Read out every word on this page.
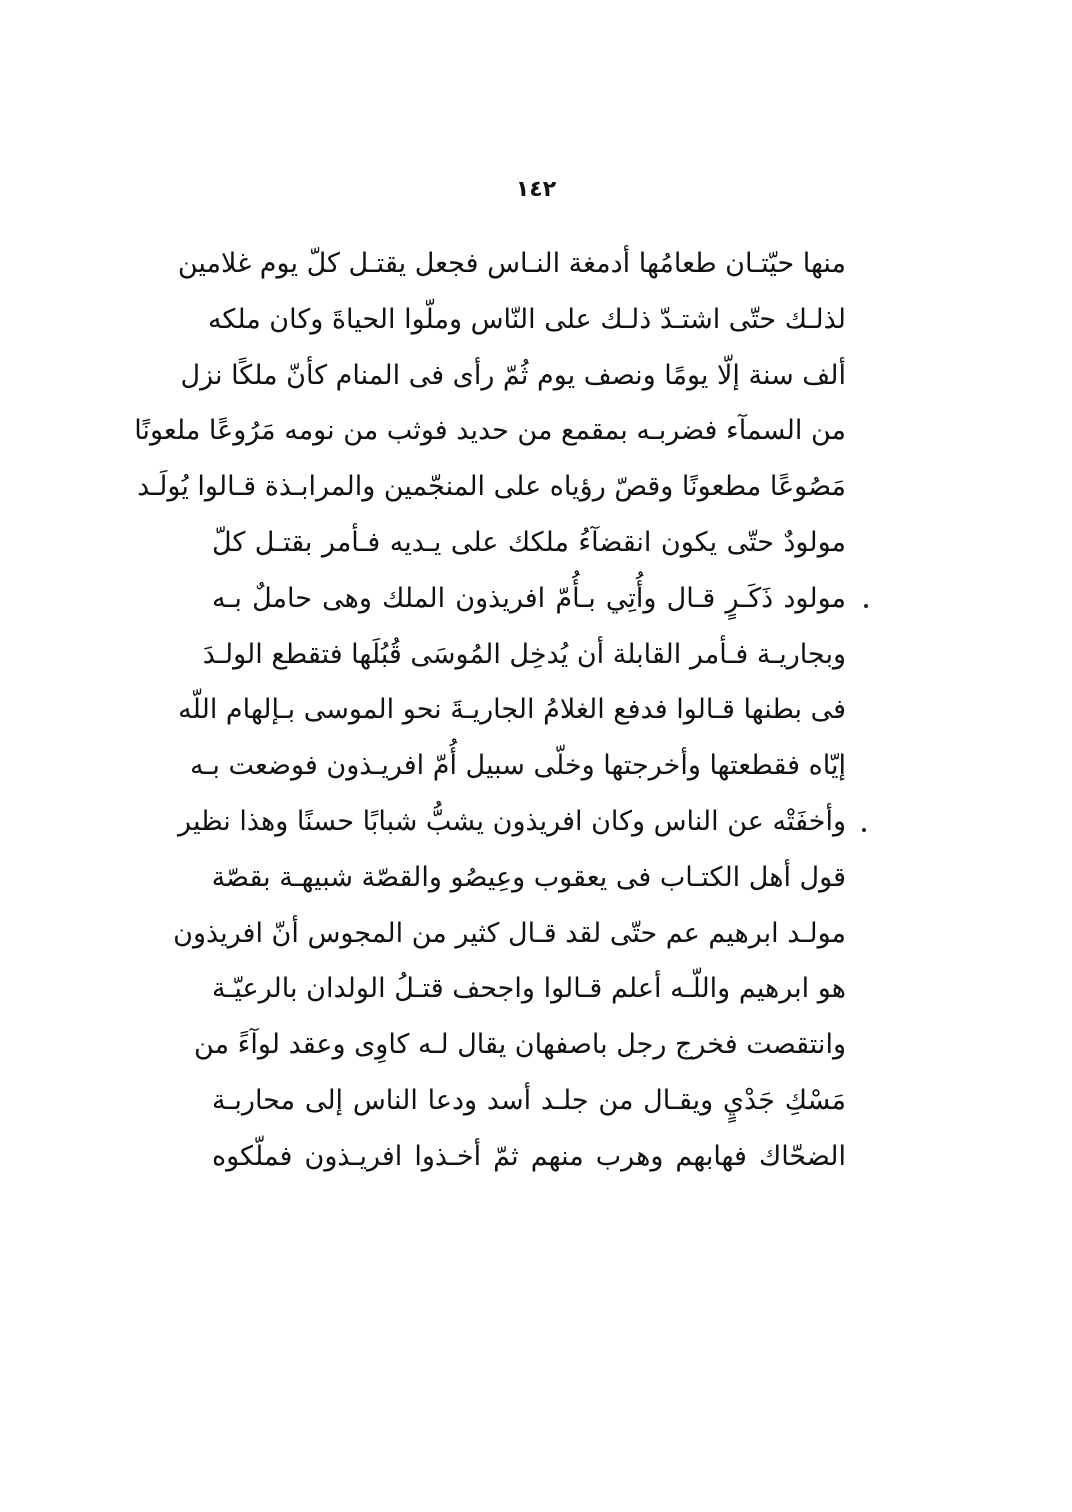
١٤٢
منها حيّتـان طعامُها أدمغة النـاس فجعل يقتـل كلّ يوم غلامين
لذلـك حتّى اشتـدّ ذلـك على النّاس وملّوا الحياةَ وكان ملكه
ألف سنة إلّا يومًا ونصف يوم ثُمّ رأى فى المنام كأنّ ملكًا نزل
من السمآء فضربـه بمقمع من حديد فوثب من نومه مَرُوعًا ملعونًا
مَصُوعًا مطعونًا وقصّ رؤياه على المنجّمين والمرابـذة قـالوا يُولَـد
مولودٌ حتّى يكون انقضآءُ ملكك على يـديه فـأمر بقتـل كلّ
مولود ذَكَـرٍ قـال وأُتِي بـأُمّ افريذون الملك وهى حاملٌ بـه
وبجاريـة فـأمر القابلة أن يُدخِل المُوسَى قُبُلَها فتقطع الولـدَ
فى بطنها قـالوا فدفع الغلامُ الجاريـةَ نحو الموسى بـإلهام اللّه
إيّاه فقطعتها وأخرجتها وخلّى سبيل أُمّ افريـذون فوضعت بـه
وأخفَتْه عن الناس وكان افريذون يشبُّ شبابًا حسنًا وهذا نظير
قول أهل الكتـاب فى يعقوب وعِيصُو والقصّة شبيهـة بقصّة
مولـد ابرهيم عم حتّى لقد قـال كثير من المجوس أنّ افريذون
هو ابرهيم واللّـه أعلم قـالوا واجحف قتـلُ الولدان بالرعيّـة
وانتقصت فخرج رجل باصفهان يقال لـه كاوِى وعقد لوآءً من
مَسْكِ جَدْيٍ ويقـال من جلـد أسد ودعا الناس إلى محاربـة
الضحّاك فهابهم وهرب منهم ثمّ أخـذوا افريـذون فملّكوه
